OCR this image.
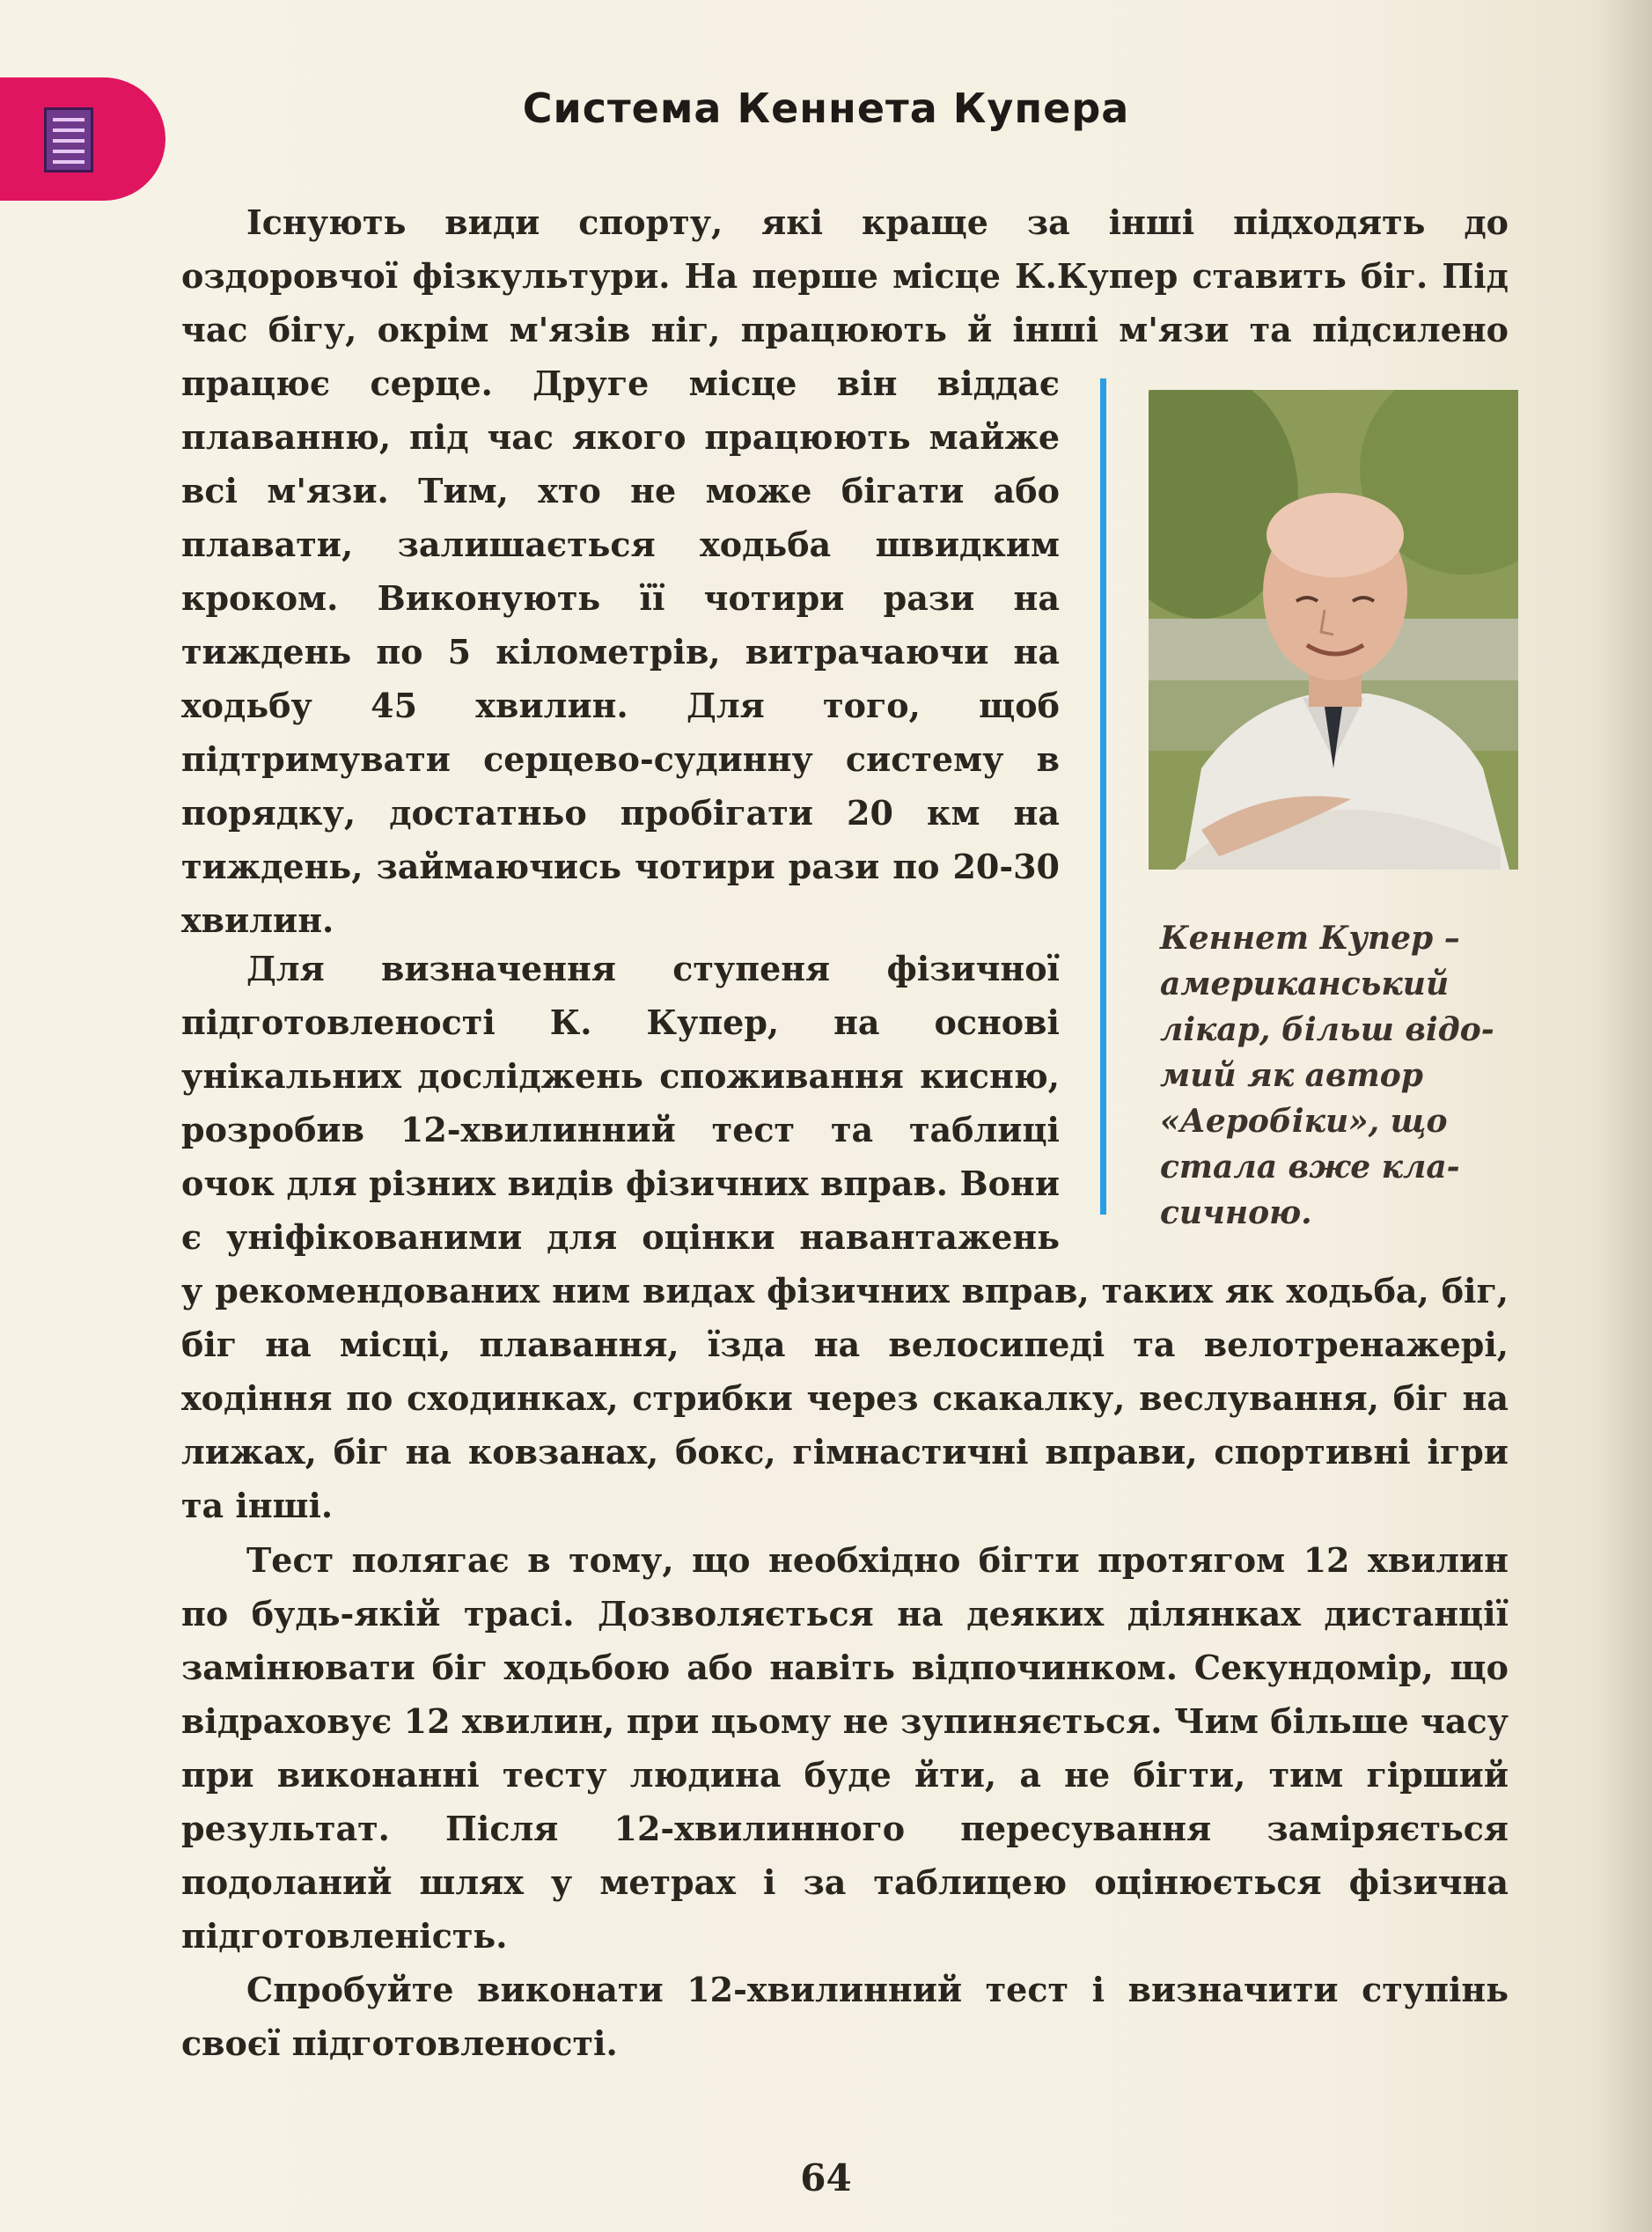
Система Кеннета Купера

Існують види спорту, які краще за інші підходять до оздоровчої фізкультури. На перше місце К.Купер ставить біг. Під час бігу, окрім м'язів ніг, працюють й інші м'язи та підсилено

працює серце. Друге місце він віддає плаванню, під час якого працюють майже всі м'язи. Тим, хто не може бігати або плавати, залишається ходьба швидким кроком. Виконують її чотири рази на тиждень по 5 кілометрів, витрачаючи на ходьбу 45 хвилин. Для того, щоб підтримувати серцево-судинну систему в порядку, достатньо пробігати 20 км на тиждень, займаючись чотири рази по 20-30 хвилин.

Для визначення ступеня фізичної підготовленості К. Купер, на основі унікальних досліджень споживання кисню, розробив 12-хвилинний тест та таблиці очок для різних видів фізичних вправ. Вони є уніфікованими для оцінки навантажень

у рекомендованих ним видах фізичних вправ, таких як ходьба, біг, біг на місці, плавання, їзда на велосипеді та велотренажері, ходіння по сходинках, стрибки через скакалку, веслування, біг на лижах, біг на ковзанах, бокс, гімнастичні вправи, спортивні ігри та інші.

Тест полягає в тому, що необхідно бігти протягом 12 хвилин по будь-якій трасі. Дозволяється на деяких ділянках дистанції замінювати біг ходьбою або навіть відпочинком. Секундомір, що відраховує 12 хвилин, при цьому не зупиняється. Чим більше часу при виконанні тесту людина буде йти, а не бігти, тим гірший результат. Після 12-хвилинного пересування заміряється подоланий шлях у метрах і за таблицею оцінюється фізична підготовленість.

Спробуйте виконати 12-хвилинний тест і визначити ступінь своєї підготовленості.

Кеннет Купер –
американський
лікар, більш відо-
мий як автор
«Аеробіки», що
стала вже кла-
сичною.
64
